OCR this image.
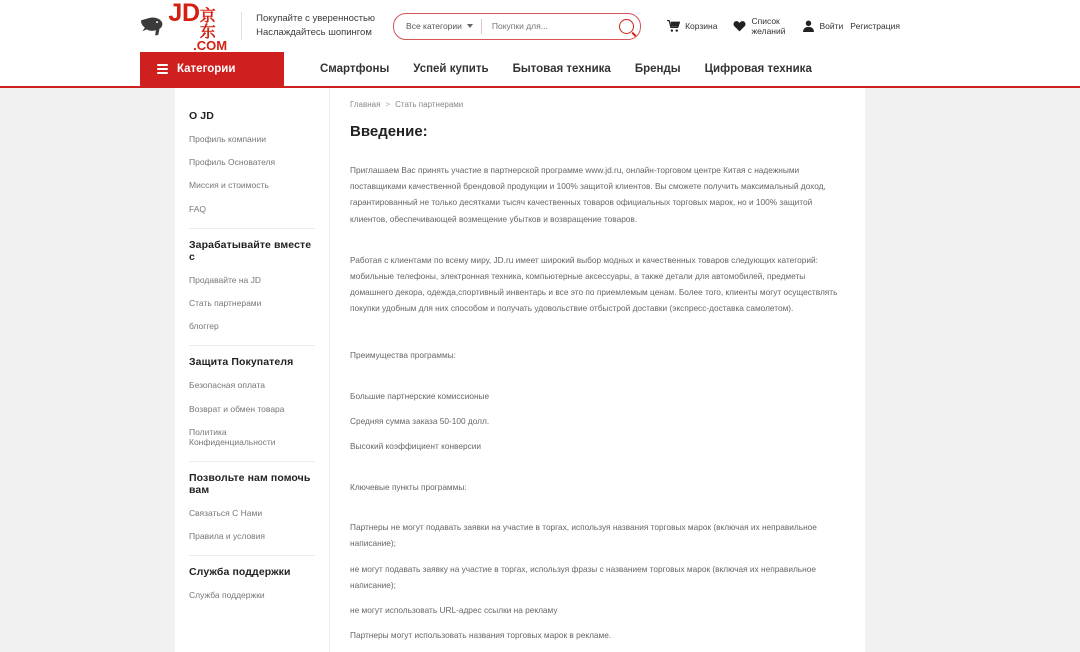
JD 京东
.COM
Покупайте с уверенностью
Наслаждайтесь шопингом
Все категории
Покупки для...	Корзина
Список
желаний	Войти Регистрация
Категории	Смартфоны Успей купить Бытовая техника Бренды Цифровая техника
О JD
Профиль компании
Профиль Основателя
Миссия и стоимость
FAQ
Зарабатывайте вместе с
Продавайте на JD
Стать партнерами
блоггер
Защита Покупателя
Безопасная оплата
Возврат и обмен товара
Политика Конфиденциальности
Позвольте нам помочь вам
Связаться С Нами
Правила и условия
Служба поддержки
Служба поддержки
Главная > Стать партнерами
Введение:

Приглашаем Вас принять участие в партнерской программе www.jd.ru, онлайн-торговом центре Китая с надежными поставщиками качественной брендовой продукции и 100% защитой клиентов. Вы сможете получить максимальный доход, гарантированный не только десятками тысяч качественных товаров официальных торговых марок, но и 100% защитой клиентов, обеспечивающей возмещение убытков и возвращение товаров.

Работая с клиентами по всему миру, JD.ru имеет широкий выбор модных и качественных товаров следующих категорий: мобильные телефоны, электронная техника, компьютерные аксессуары, а также детали для автомобилей, предметы домашнего декора, одежда,спортивный инвентарь и все это по приемлемым ценам. Более того, клиенты могут осуществлять покупки удобным для них способом и получать удовольствие отбыстрой доставки (экспресс-доставка самолетом).

Преимущества программы:

Большие партнерские комиссионые

Средняя сумма заказа 50-100 долл.

Высокий коэффициент конверсии

Ключевые пункты программы:

Партнеры не могут подавать заявки на участие в торгах, используя названия торговых марок (включая их неправильное написание);

не могут подавать заявку на участие в торгах, используя фразы с названием торговых марок (включая их неправильное написание);

не могут использовать URL-адрес ссылки на рекламу

Партнеры могут использовать названия торговых марок в рекламе.
